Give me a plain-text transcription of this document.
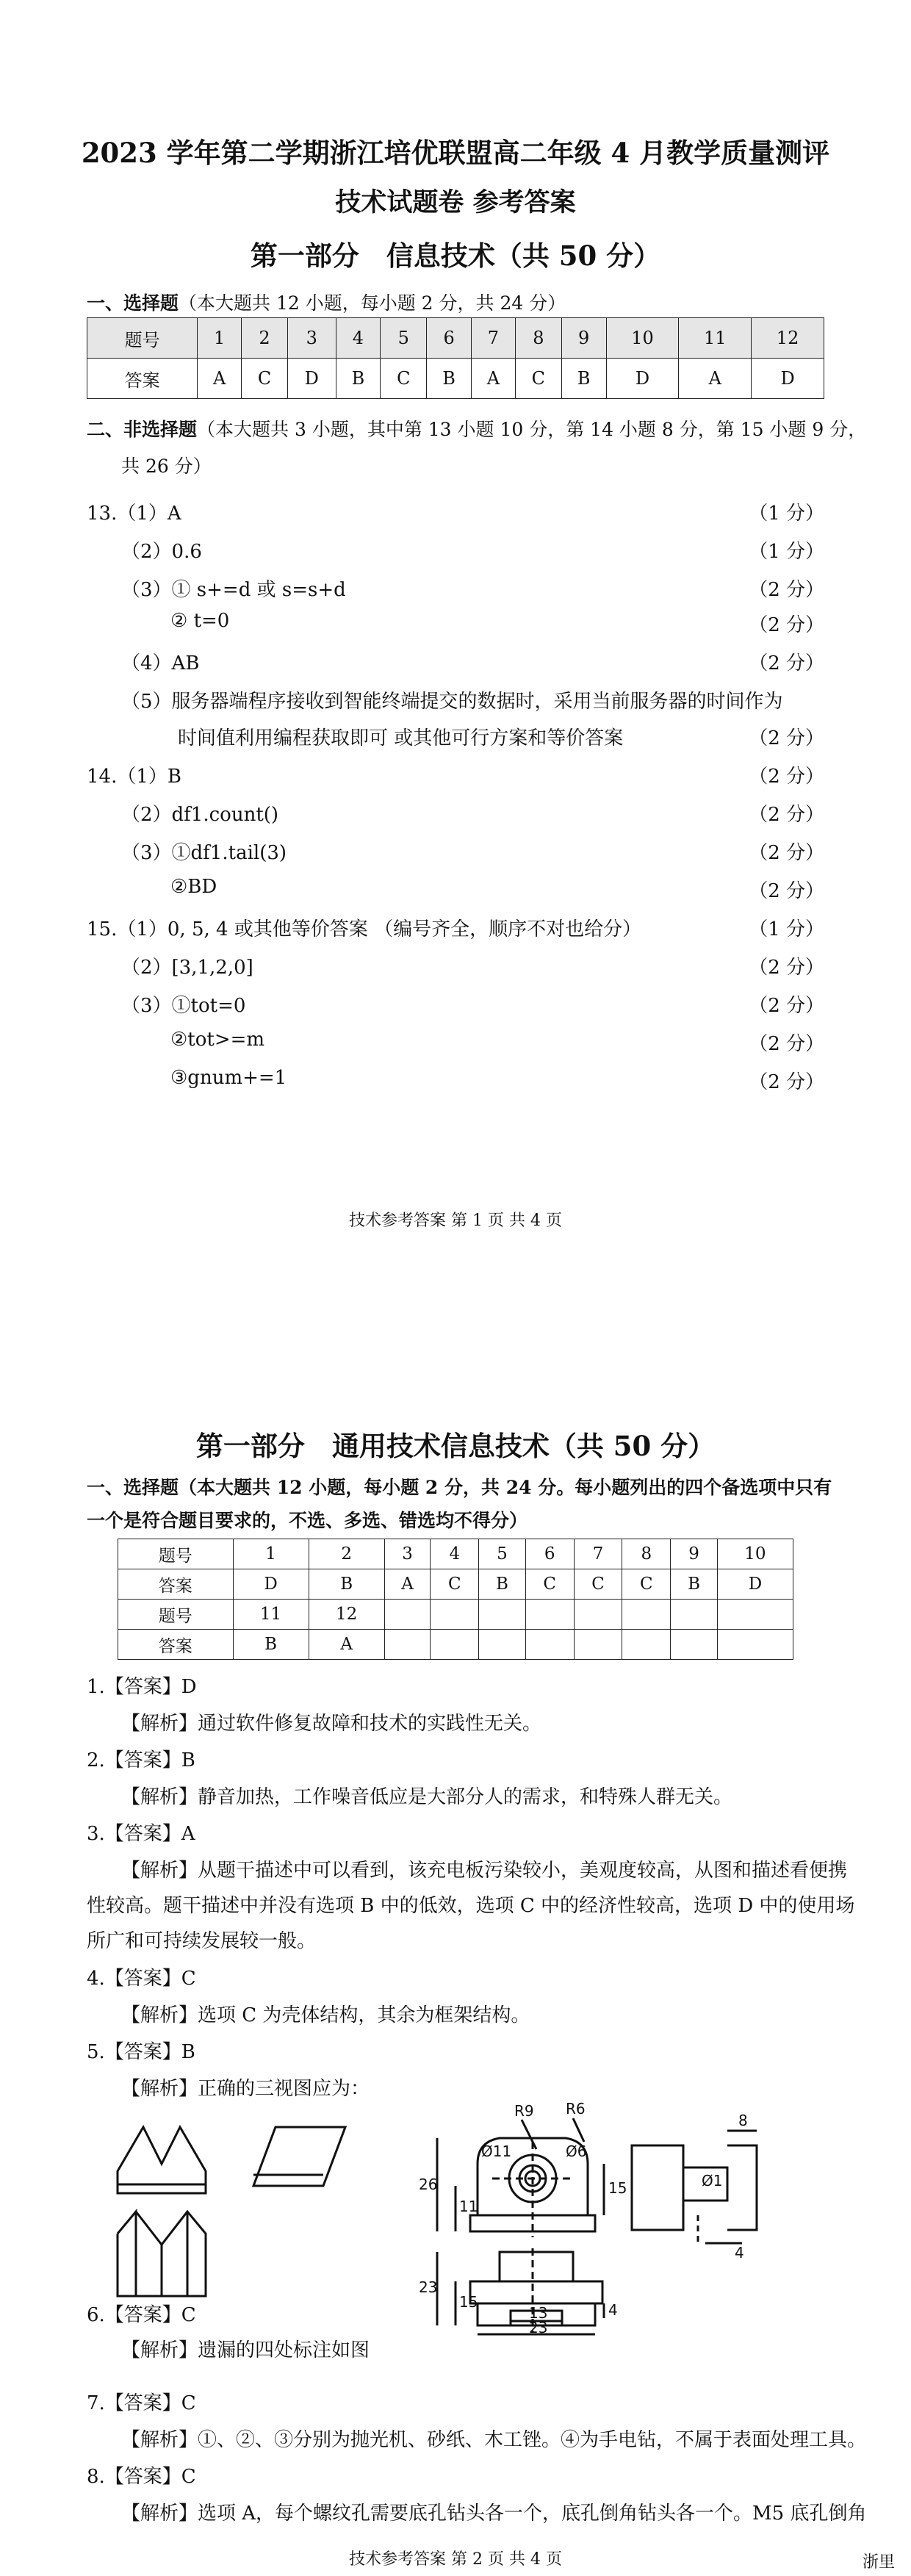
2023 学年第二学期浙江培优联盟高二年级 4 月教学质量测评
技术试题卷 参考答案
第一部分　信息技术（共 50 分）
一、选择题（本大题共 12 小题，每小题 2 分，共 24 分）
题号	1	2	3	4	5	6	7	8	9	10	11	12
答案	A	C	D	B	C	B	A	C	B	D	A	D
二、非选择题（本大题共 3 小题，其中第 13 小题 10 分，第 14 小题 8 分，第 15 小题 9 分，
共 26 分）
13.（1）A	（1 分）
（2）0.6	（1 分）
（3）① s+=d 或 s=s+d	（2 分）
② t=0	（2 分）
（4）AB	（2 分）
（5）服务器端程序接收到智能终端提交的数据时，采用当前服务器的时间作为
时间值利用编程获取即可 或其他可行方案和等价答案	（2 分）
14.（1）B	（2 分）
（2）df1.count()	（2 分）
（3）①df1.tail(3)	（2 分）
②BD	（2 分）
15.（1）0, 5, 4 或其他等价答案 （编号齐全，顺序不对也给分）	（1 分）
（2）[3,1,2,0]	（2 分）
（3）①tot=0	（2 分）
②tot>=m	（2 分）
③gnum+=1	（2 分）
技术参考答案 第 1 页 共 4 页
第一部分　通用技术信息技术（共 50 分）
一、选择题（本大题共 12 小题，每小题 2 分，共 24 分。每小题列出的四个备选项中只有
一个是符合题目要求的，不选、多选、错选均不得分）
题号	1	2	3	4	5	6	7	8	9	10
答案	D	B	A	C	B	C	C	C	B	D
题号	11	12								
答案	B	A								
1.【答案】D
【解析】通过软件修复故障和技术的实践性无关。
2.【答案】B
【解析】静音加热，工作噪音低应是大部分人的需求，和特殊人群无关。
3.【答案】A
【解析】从题干描述中可以看到，该充电板污染较小，美观度较高，从图和描述看便携
性较高。题干描述中并没有选项 B 中的低效，选项 C 中的经济性较高，选项 D 中的使用场
所广和可持续发展较一般。
4.【答案】C
【解析】选项 C 为壳体结构，其余为框架结构。
5.【答案】B
【解析】正确的三视图应为：
R9 R6
Ø11	Ø6
Ø1
8
26
11
15
4
23
15
13	4
23
6.【答案】C
【解析】遗漏的四处标注如图
7.【答案】C
【解析】①、②、③分别为抛光机、砂纸、木工锉。④为手电钻，不属于表面处理工具。
8.【答案】C
【解析】选项 A，每个螺纹孔需要底孔钻头各一个，底孔倒角钻头各一个。M5 底孔倒角
技术参考答案 第 2 页 共 4 页	浙里
